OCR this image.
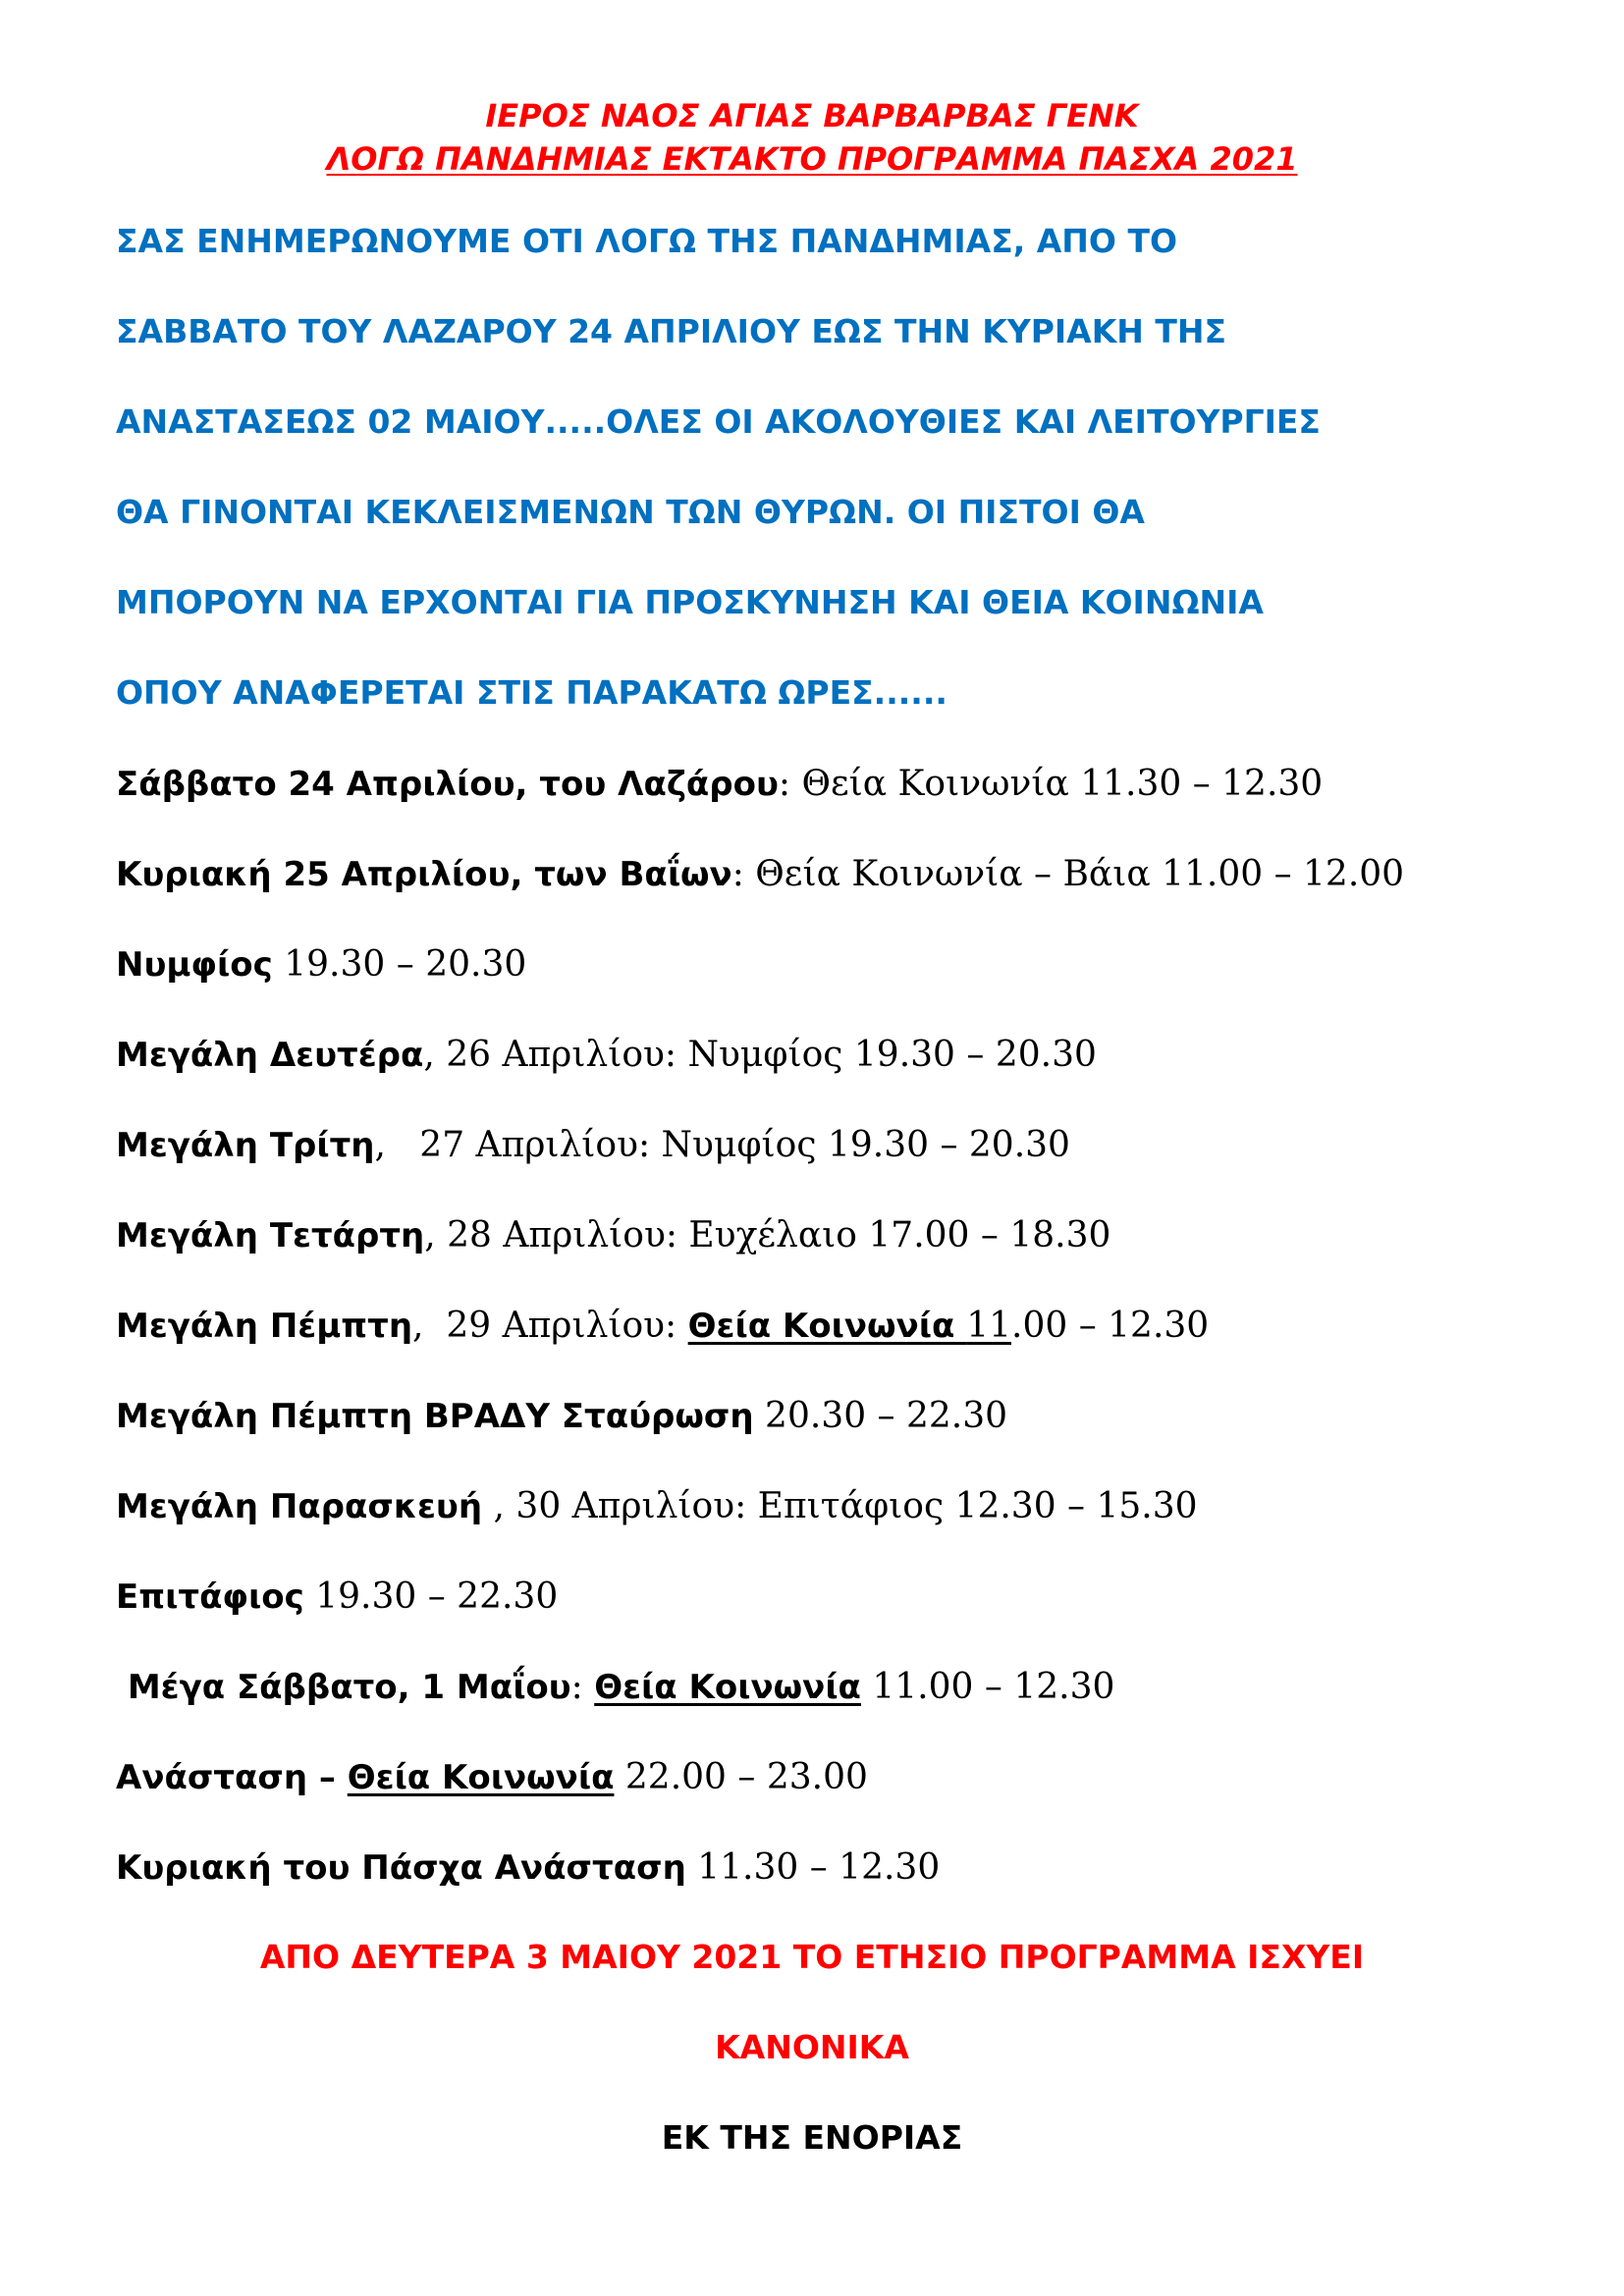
ΙΕΡΟΣ ΝΑΟΣ ΑΓΙΑΣ ΒΑΡΒΑΡΒΑΣ ΓΕΝΚ
ΛΟΓΩ ΠΑΝΔΗΜΙΑΣ ΕΚΤΑΚΤΟ ΠΡΟΓΡΑΜΜΑ ΠΑΣΧΑ 2021
ΣΑΣ ΕΝΗΜΕΡΩΝΟΥΜΕ ΟΤΙ ΛΟΓΩ ΤΗΣ ΠΑΝΔΗΜΙΑΣ, ΑΠΟ ΤΟ
ΣΑΒΒΑΤΟ ΤΟΥ ΛΑΖΑΡΟΥ 24 ΑΠΡΙΛΙΟΥ ΕΩΣ ΤΗΝ ΚΥΡΙΑΚΗ ΤΗΣ
ΑΝΑΣΤΑΣΕΩΣ 02 ΜΑΙΟΥ.....ΟΛΕΣ ΟΙ ΑΚΟΛΟΥΘΙΕΣ ΚΑΙ ΛΕΙΤΟΥΡΓΙΕΣ
ΘΑ ΓΙΝΟΝΤΑΙ ΚΕΚΛΕΙΣΜΕΝΩΝ ΤΩΝ ΘΥΡΩΝ. ΟΙ ΠΙΣΤΟΙ ΘΑ
ΜΠΟΡΟΥΝ ΝΑ ΕΡΧΟΝΤΑΙ ΓΙΑ ΠΡΟΣΚΥΝΗΣΗ ΚΑΙ ΘΕΙΑ ΚΟΙΝΩΝΙΑ
ΟΠΟΥ ΑΝΑΦΕΡΕΤΑΙ ΣΤΙΣ ΠΑΡΑΚΑΤΩ ΩΡΕΣ......
Σάββατο 24 Απριλίου, του Λαζάρου: Θεία Κοινωνία 11.30 – 12.30
Κυριακή 25 Απριλίου, των Βαΐων: Θεία Κοινωνία – Βάια 11.00 – 12.00
Νυμφίος 19.30 – 20.30
Μεγάλη Δευτέρα, 26 Απριλίου: Νυμφίος 19.30 – 20.30
Μεγάλη Τρίτη,   27 Απριλίου: Νυμφίος 19.30 – 20.30
Μεγάλη Τετάρτη, 28 Απριλίου: Ευχέλαιο 17.00 – 18.30
Μεγάλη Πέμπτη,  29 Απριλίου: Θεία Κοινωνία 11.00 – 12.30
Μεγάλη Πέμπτη ΒΡΑΔΥ Σταύρωση 20.30 – 22.30
Μεγάλη Παρασκευή , 30 Απριλίου: Επιτάφιος 12.30 – 15.30
Επιτάφιος 19.30 – 22.30
Μέγα Σάββατο, 1 Μαΐου: Θεία Κοινωνία 11.00 – 12.30
Ανάσταση – Θεία Κοινωνία 22.00 – 23.00
Κυριακή του Πάσχα Ανάσταση 11.30 – 12.30
ΑΠΟ ΔΕΥΤΕΡΑ 3 ΜΑΙΟΥ 2021 ΤΟ ΕΤΗΣΙΟ ΠΡΟΓΡΑΜΜΑ ΙΣΧΥΕΙ
ΚΑΝΟΝΙΚΑ
ΕΚ ΤΗΣ ΕΝΟΡΙΑΣ
